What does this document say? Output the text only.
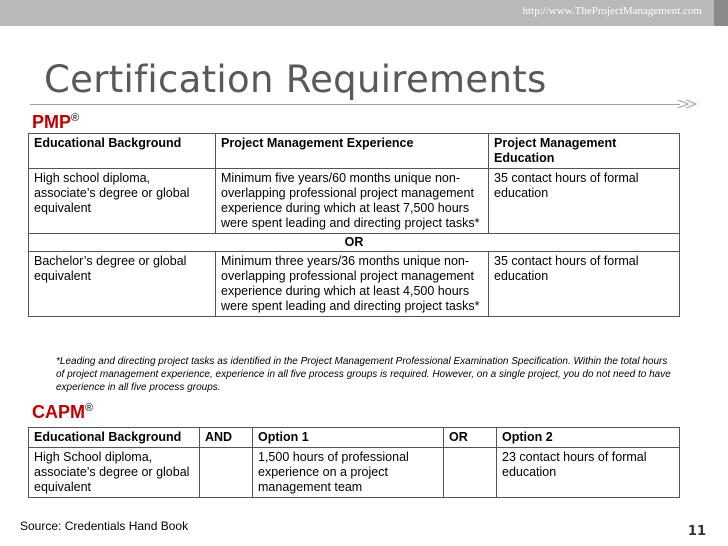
http://www.TheProjectManagement.com
Certification Requirements
PMP®
Educational Background	Project Management Experience	Project Management Education
High school diploma, associate’s degree or global equivalent	Minimum five years/60 months unique non-overlapping professional project management experience during which at least 7,500 hours were spent leading and directing project tasks*	35 contact hours of formal education
OR		
Bachelor’s degree or global equivalent	Minimum three years/36 months unique non-overlapping professional project management experience during which at least 4,500 hours were spent leading and directing project tasks*	35 contact hours of formal education
*Leading and directing project tasks as identified in the Project Management Professional Examination Specification. Within the total hours of project management experience, experience in all five process groups is required. However, on a single project, you do not need to have experience in all five process groups.
CAPM®
Educational Background	AND	Option 1	OR	Option 2
High School diploma, associate’s degree or global equivalent		1,500 hours of professional experience on a project management team		23 contact hours of formal education
Source: Credentials Hand Book	11
